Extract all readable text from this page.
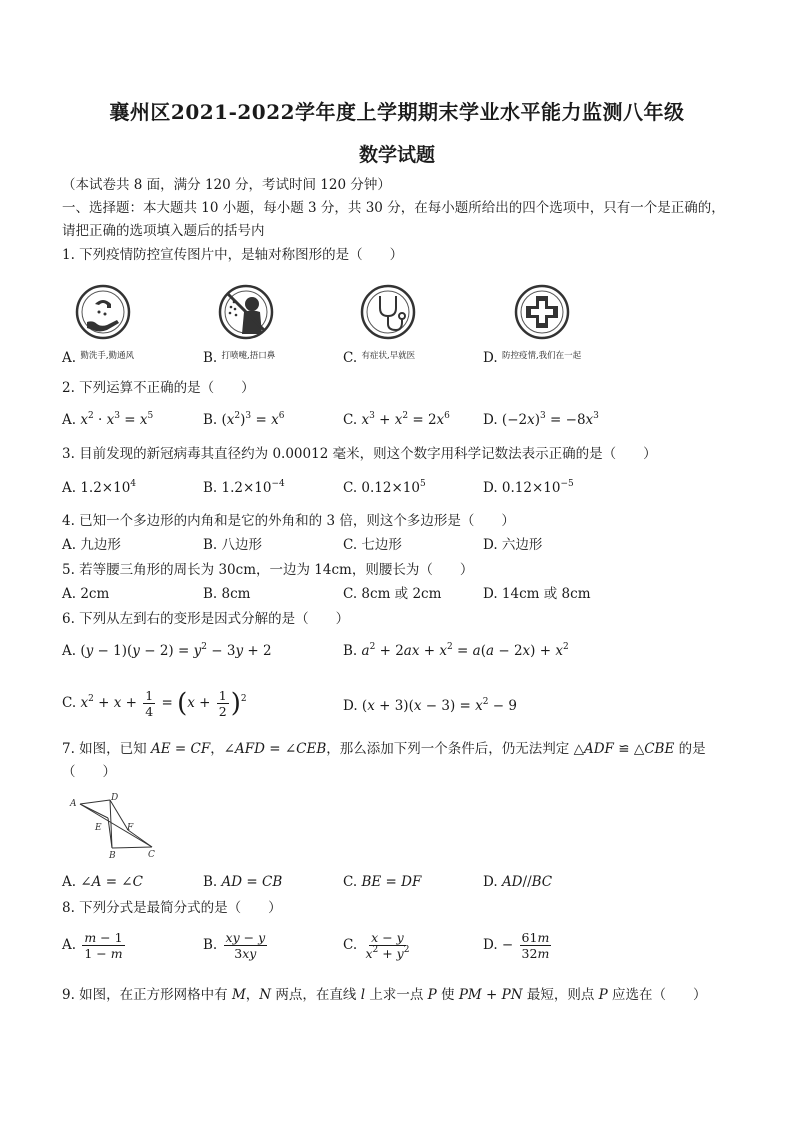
襄州区2021-2022学年度上学期期末学业水平能力监测八年级
数学试题
（本试卷共 8 面，满分 120 分，考试时间 120 分钟）
一、选择题：本大题共 10 小题，每小题 3 分，共 30 分，在每小题所给出的四个选项中，只有一个是正确的，
请把正确的选项填入题后的括号内
1. 下列疫情防控宣传图片中，是轴对称图形的是（　　）
A. $^{勤洗手,勤通风}$	B. $^{打喷嚏,捂口鼻}$	C. $^{有症状,早就医}$	D. $^{防控疫情,我们在一起}$
2. 下列运算不正确的是（　　）
A. $x^2 \cdot x^3 = x^5$	B. $(x^2)^3 = x^6$	C. $x^3 + x^2 = 2x^6$ D. $(-2x)^3 = -8x^3$
3. 目前发现的新冠病毒其直径约为 0.00012 毫米，则这个数字用科学记数法表示正确的是（　　）
A. $1.2\times 10^4$	B. $1.2\times 10^{-4}$	C. $0.12\times 10^5$	D. $0.12\times 10^{-5}$
4. 已知一个多边形的内角和是它的外角和的 3 倍，则这个多边形是（　　）
A. 九边形	B. 八边形	C. 七边形	D. 六边形
5. 若等腰三角形的周长为 30cm，一边为 14cm，则腰长为（　　）
A. 2cm	B. 8cm	C. 8cm 或 2cm	D. 14cm 或 8cm
6. 下列从左到右的变形是因式分解的是（　　）
A. $(y - 1)(y - 2) = y^2 - 3y + 2$	B. $a^2 + 2ax + x^2 = a(a - 2x) + x^2$
C. $x^2 + x + \frac{1}{4} = (x + \frac{1}{2} )^2$	D. $(x + 3)(x - 3) = x^2 - 9$
7. 如图，已知 AE = CF，∠AFD = ∠CEB，那么添加下列一个条件后，仍无法判定 △ADF ≌ △CBE 的是
（　　）
A
D
E	F
B	C
A. ∠A = ∠C	B. AD = CB	C. BE = DF	D. AD//BC
8. 下列分式是最简分式的是（　　）
A. $\frac{m - 1}{1 - m}$	B. $\frac{xy - y}{3xy}$	C. $\frac{x - y}{x^2 + y^2}$	D. − $\frac{61m}{32m}$
9. 如图，在正方形网格中有 M，N 两点，在直线 l 上求一点 P 使 PM + PN 最短，则点 P 应选在（　　）
